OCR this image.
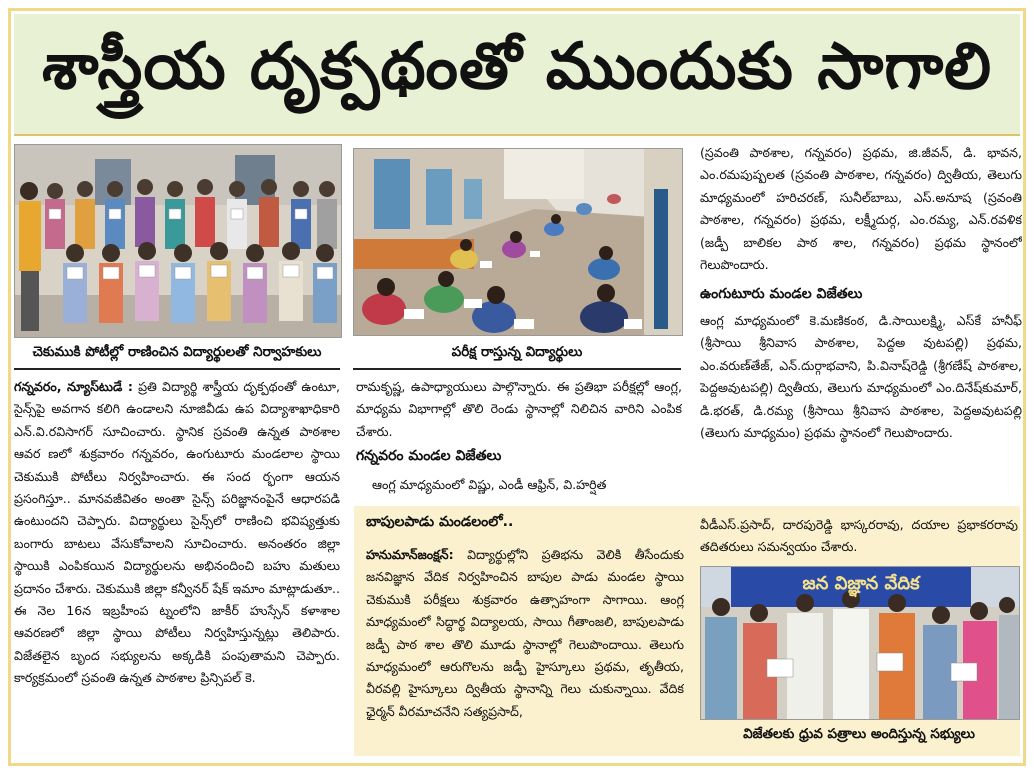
శాస్త్రీయ దృక్పథంతో ముందుకు సాగాలి
చెకుముకి పోటీల్లో రాణించిన విద్యార్థులతో నిర్వాహకులు	పరీక్ష రాస్తున్న విద్యార్థులు

గన్నవరం, న్యూస్‌టుడే : ప్రతి విద్యార్థి శాస్త్రీయ దృక్పథంతో ఉంటూ, సైన్స్‌పై అవగాన కలిగి ఉండాలని నూజివీడు ఉప విద్యాశాఖాధికారి ఎన్‌.వి.రవిసాగర్ సూచించారు. స్థానిక స్రవంతి ఉన్నత పాఠశాల ఆవర ణలో శుక్రవారం గన్నవరం, ఉంగుటూరు మండలాల స్థాయి చెకుముకి పోటీలు నిర్వహించారు. ఈ సంద ర్భంగా ఆయన ప్రసంగిస్తూ.. మానవజీవితం అంతా సైన్స్ పరిజ్ఞానంపైనే ఆధారపడి ఉంటుందని చెప్పారు. విద్యార్థులు సైన్స్‌లో రాణించి భవిష్యత్తుకు బంగారు బాటలు వేసుకోవాలని సూచించారు. అనంతరం జిల్లా స్థాయికి ఎంపికయిన విద్యార్థులను అభినందించి బహు మతులు ప్రదానం చేశారు. చెకుముకి జిల్లా కన్వీనర్ షేక్ ఇమాం మాట్లాడుతూ.. ఈ నెల 16న ఇబ్రహీంప ట్నంలోని జాకీర్ హుస్సేన్ కళాశాల ఆవరణలో జిల్లా స్థాయి పోటీలు నిర్వహిస్తున్నట్లు తెలిపారు. విజేతలైన బృంద సభ్యులను అక్కడికి పంపుతామని చెప్పారు. కార్యక్రమంలో స్రవంతి ఉన్నత పాఠశాల ప్రిన్సిపల్ కె.

రామకృష్ణ, ఉపాధ్యాయులు పాల్గొన్నారు. ఈ ప్రతిభా పరీక్షల్లో ఆంగ్ల, మాధ్యమ విభాగాల్లో తొలి రెండు స్థానాల్లో నిలిచిన వారిని ఎంపిక చేశారు.

గన్నవరం మండల విజేతలు

ఆంగ్ల మాధ్యమంలో విష్ణు, ఎండీ ఆఫ్రిన్, వి.హర్షిత

(స్రవంతి పాఠశాల, గన్నవరం) ప్రథమ, జి.జీవన్, డి. భావన, ఎం.రమపుష్పలత (స్రవంతి పాఠశాల, గన్నవరం) ద్వితీయ, తెలుగు మాధ్యమంలో హరిచరణ్, సునీల్‌బాబు, ఎస్‌.అనూష (స్రవంతి పాఠశాల, గన్నవరం) ప్రథమ, లక్ష్మీదుర్గ, ఎం.రమ్య, ఎన్‌.రవళిక (జడ్పీ బాలికల పాఠ శాల, గన్నవరం) ప్రథమ స్థానంలో గెలుపొందారు.

ఉంగుటూరు మండల విజేతలు

ఆంగ్ల మాధ్యమంలో కె.మణికంఠ, డి.సాయిలక్ష్మి, ఎస్‌కే హనీఫ్ (శ్రీసాయి శ్రీనివాస పాఠశాల, పెద్దఅ వుటపల్లి) ప్రథమ, ఎం.వరుణ్‌తేజ్, ఎన్‌.దుర్గాభవాని, పి.వినాష్‌రెడ్డి (శ్రీగణేష్ పాఠశాల, పెద్దఅవుటపల్లి) ద్వితీయ, తెలుగు మాధ్యమంలో ఎం.దినేష్‌కుమార్, డి.భరత్, డి.రమ్య (శ్రీసాయి శ్రీనివాస పాఠశాల, పెద్దఅవుటపల్లి (తెలుగు మాధ్యమం) ప్రథమ స్థానంలో గెలుపొందారు.

బాపులపాడు మండలంలో..

హనుమాన్‌జంక్షన్‌: విద్యార్థుల్లోని ప్రతిభను వెలికి తీసేందుకు జనవిజ్ఞాన వేదిక నిర్వహించిన బాపుల పాడు మండల స్థాయి చెకుముకి పరీక్షలు శుక్రవారం ఉత్సాహంగా సాగాయి. ఆంగ్ల మాధ్యమంలో సిద్ధార్థ విద్యాలయ, సాయి గీతాంజలి, బాపులపాడు జడ్పీ పాఠ శాల తొలి మూడు స్థానాల్లో గెలుపొందాయి. తెలుగు మాధ్యమంలో ఆరుగొలను జడ్పీ హైస్కూలు ప్రథమ, తృతీయ, వీరవల్లి హైస్కూలు ద్వితీయ స్థానాన్ని గెలు చుకున్నాయి. వేదిక ఛైర్మన్ వీరమాచనేని సత్యప్రసాద్,

వీడీఎస్‌.ప్రసాద్, దారపురెడ్డి భాస్కరరావు, దయాల ప్రభాకరరావు తదితరులు సమన్వయం చేశారు.

జన విజ్ఞాన వేదిక
విజేతలకు ధ్రువ పత్రాలు అందిస్తున్న సభ్యులు
